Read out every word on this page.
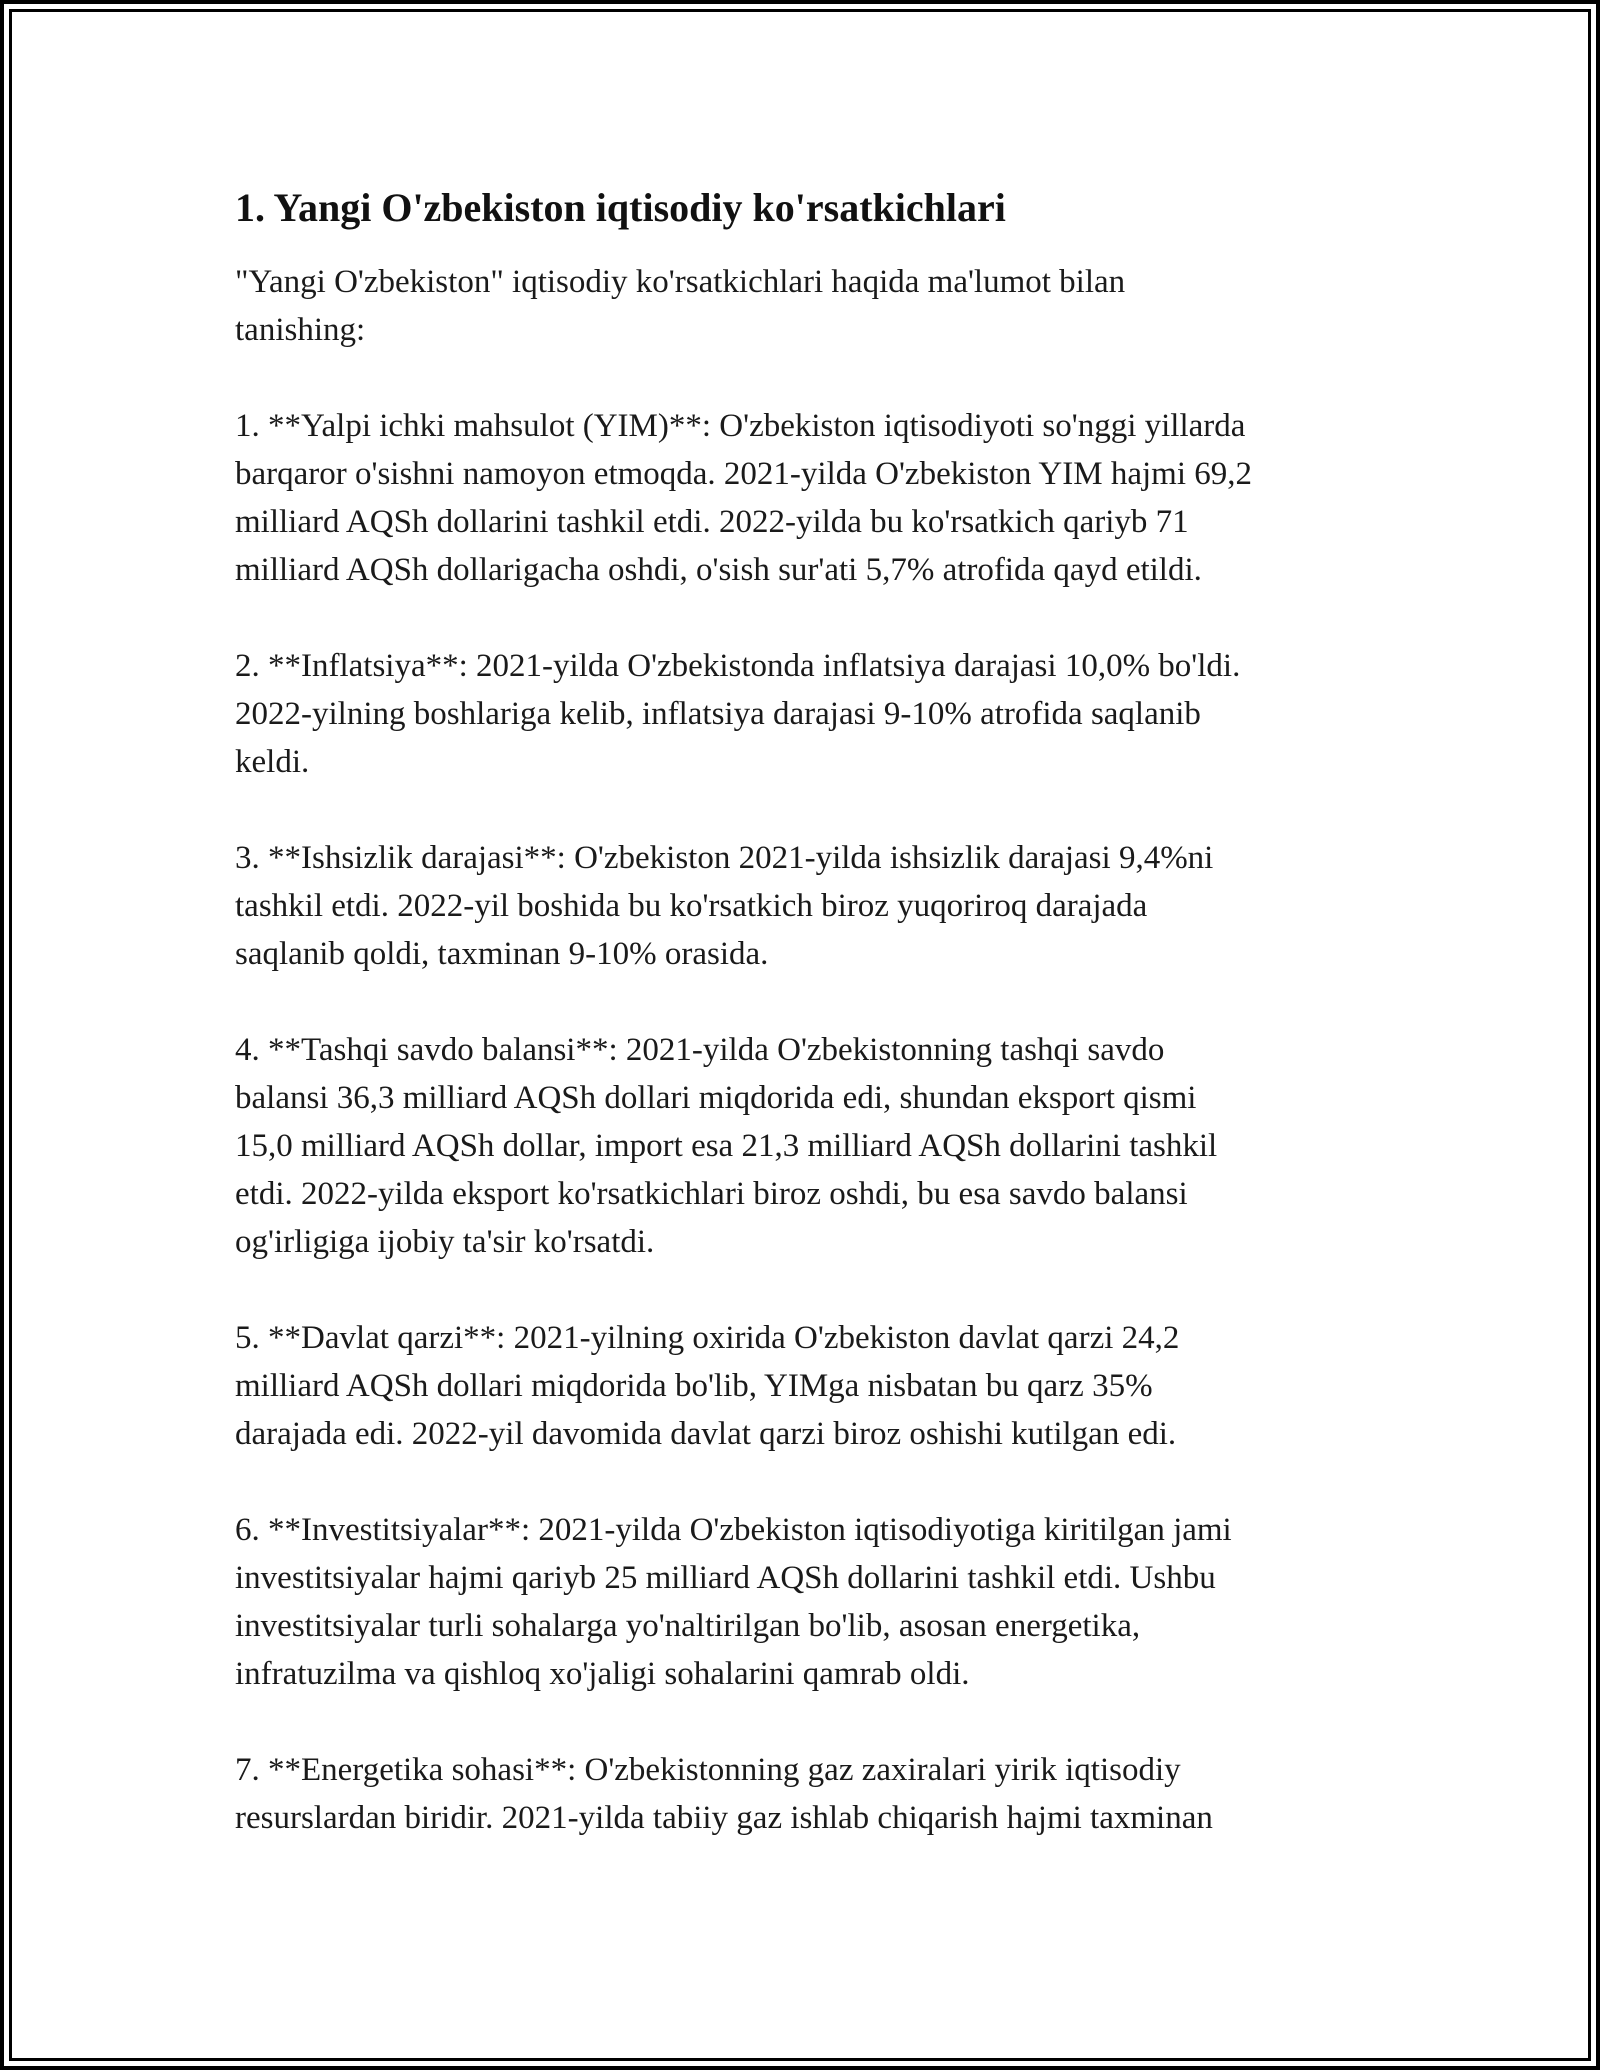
1. Yangi O'zbekiston iqtisodiy ko'rsatkichlari

"Yangi O'zbekiston" iqtisodiy ko'rsatkichlari haqida ma'lumot bilan
tanishing:

1. **Yalpi ichki mahsulot (YIM)**: O'zbekiston iqtisodiyoti so'nggi yillarda
barqaror o'sishni namoyon etmoqda. 2021-yilda O'zbekiston YIM hajmi 69,2
milliard AQSh dollarini tashkil etdi. 2022-yilda bu ko'rsatkich qariyb 71
milliard AQSh dollarigacha oshdi, o'sish sur'ati 5,7% atrofida qayd etildi.

2. **Inflatsiya**: 2021-yilda O'zbekistonda inflatsiya darajasi 10,0% bo'ldi.
2022-yilning boshlariga kelib, inflatsiya darajasi 9-10% atrofida saqlanib
keldi.

3. **Ishsizlik darajasi**: O'zbekiston 2021-yilda ishsizlik darajasi 9,4%ni
tashkil etdi. 2022-yil boshida bu ko'rsatkich biroz yuqoriroq darajada
saqlanib qoldi, taxminan 9-10% orasida.

4. **Tashqi savdo balansi**: 2021-yilda O'zbekistonning tashqi savdo
balansi 36,3 milliard AQSh dollari miqdorida edi, shundan eksport qismi
15,0 milliard AQSh dollar, import esa 21,3 milliard AQSh dollarini tashkil
etdi. 2022-yilda eksport ko'rsatkichlari biroz oshdi, bu esa savdo balansi
og'irligiga ijobiy ta'sir ko'rsatdi.

5. **Davlat qarzi**: 2021-yilning oxirida O'zbekiston davlat qarzi 24,2
milliard AQSh dollari miqdorida bo'lib, YIMga nisbatan bu qarz 35%
darajada edi. 2022-yil davomida davlat qarzi biroz oshishi kutilgan edi.

6. **Investitsiyalar**: 2021-yilda O'zbekiston iqtisodiyotiga kiritilgan jami
investitsiyalar hajmi qariyb 25 milliard AQSh dollarini tashkil etdi. Ushbu
investitsiyalar turli sohalarga yo'naltirilgan bo'lib, asosan energetika,
infratuzilma va qishloq xo'jaligi sohalarini qamrab oldi.

7. **Energetika sohasi**: O'zbekistonning gaz zaxiralari yirik iqtisodiy
resurslardan biridir. 2021-yilda tabiiy gaz ishlab chiqarish hajmi taxminan
